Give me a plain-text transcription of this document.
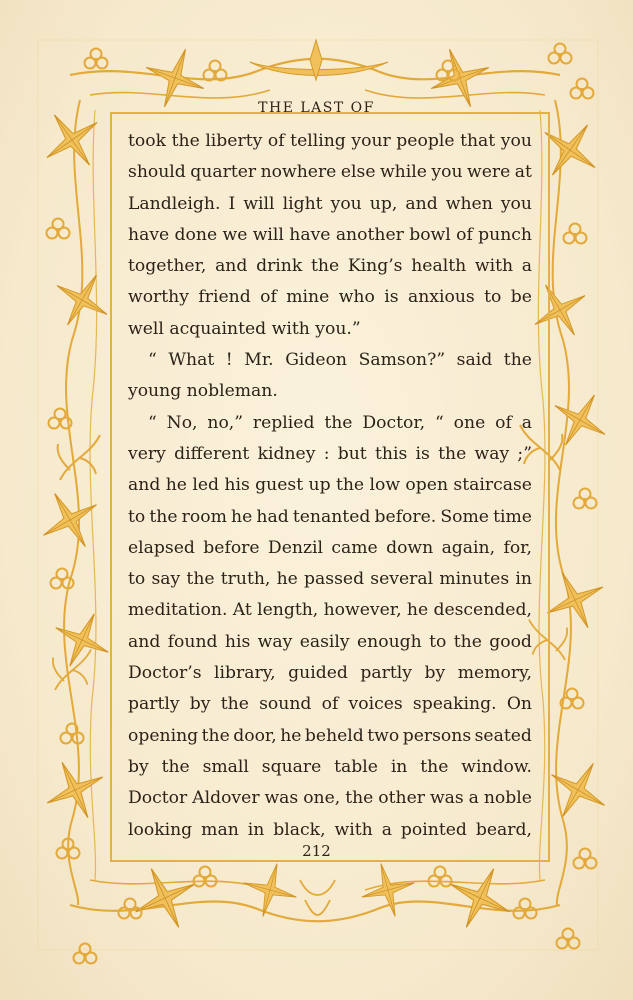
THE LAST OF
took the liberty of telling your people that you
should quarter nowhere else while you were at
Landleigh. I will light you up, and when you
have done we will have another bowl of punch
together, and drink the King’s health with a
worthy friend of mine who is anxious to be
well acquainted with you.”
“ What ! Mr. Gideon Samson?” said the
young nobleman.
“ No, no,” replied the Doctor, “ one of a
very different kidney : but this is the way ;”
and he led his guest up the low open staircase
to the room he had tenanted before. Some time
elapsed before Denzil came down again, for,
to say the truth, he passed several minutes in
meditation. At length, however, he descended,
and found his way easily enough to the good
Doctor’s library, guided partly by memory,
partly by the sound of voices speaking. On
opening the door, he beheld two persons seated
by the small square table in the window.
Doctor Aldover was one, the other was a noble
looking man in black, with a pointed beard,
212
